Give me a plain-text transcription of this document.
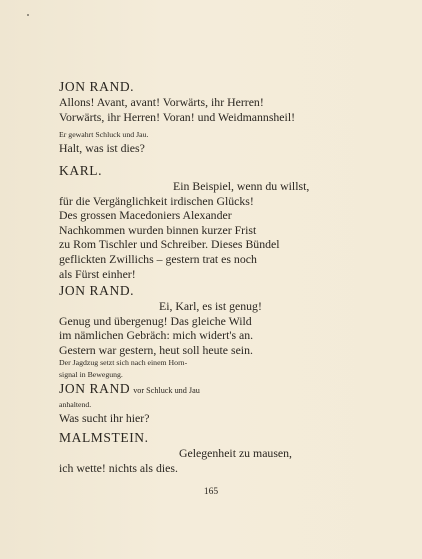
JON RAND.
Allons! Avant, avant! Vorwärts, ihr Herren!
Vorwärts, ihr Herren! Voran! und Weidmannsheil!
Er gewahrt Schluck und Jau.
Halt, was ist dies?
KARL.
Ein Beispiel, wenn du willst,
für die Vergänglichkeit irdischen Glücks!
Des grossen Macedoniers Alexander
Nachkommen wurden binnen kurzer Frist
zu Rom Tischler und Schreiber. Dieses Bündel
geflickten Zwillichs – gestern trat es noch
als Fürst einher!
JON RAND.
Ei, Karl, es ist genug!
Genug und übergenug! Das gleiche Wild
im nämlichen Gebräch: mich widert's an.
Gestern war gestern, heut soll heute sein.
Der Jagdzug setzt sich nach einem Horn-
signal in Bewegung.
JON RAND vor Schluck und Jau
anhaltend.
Was sucht ihr hier?
MALMSTEIN.
Gelegenheit zu mausen,
ich wette! nichts als dies.
165
